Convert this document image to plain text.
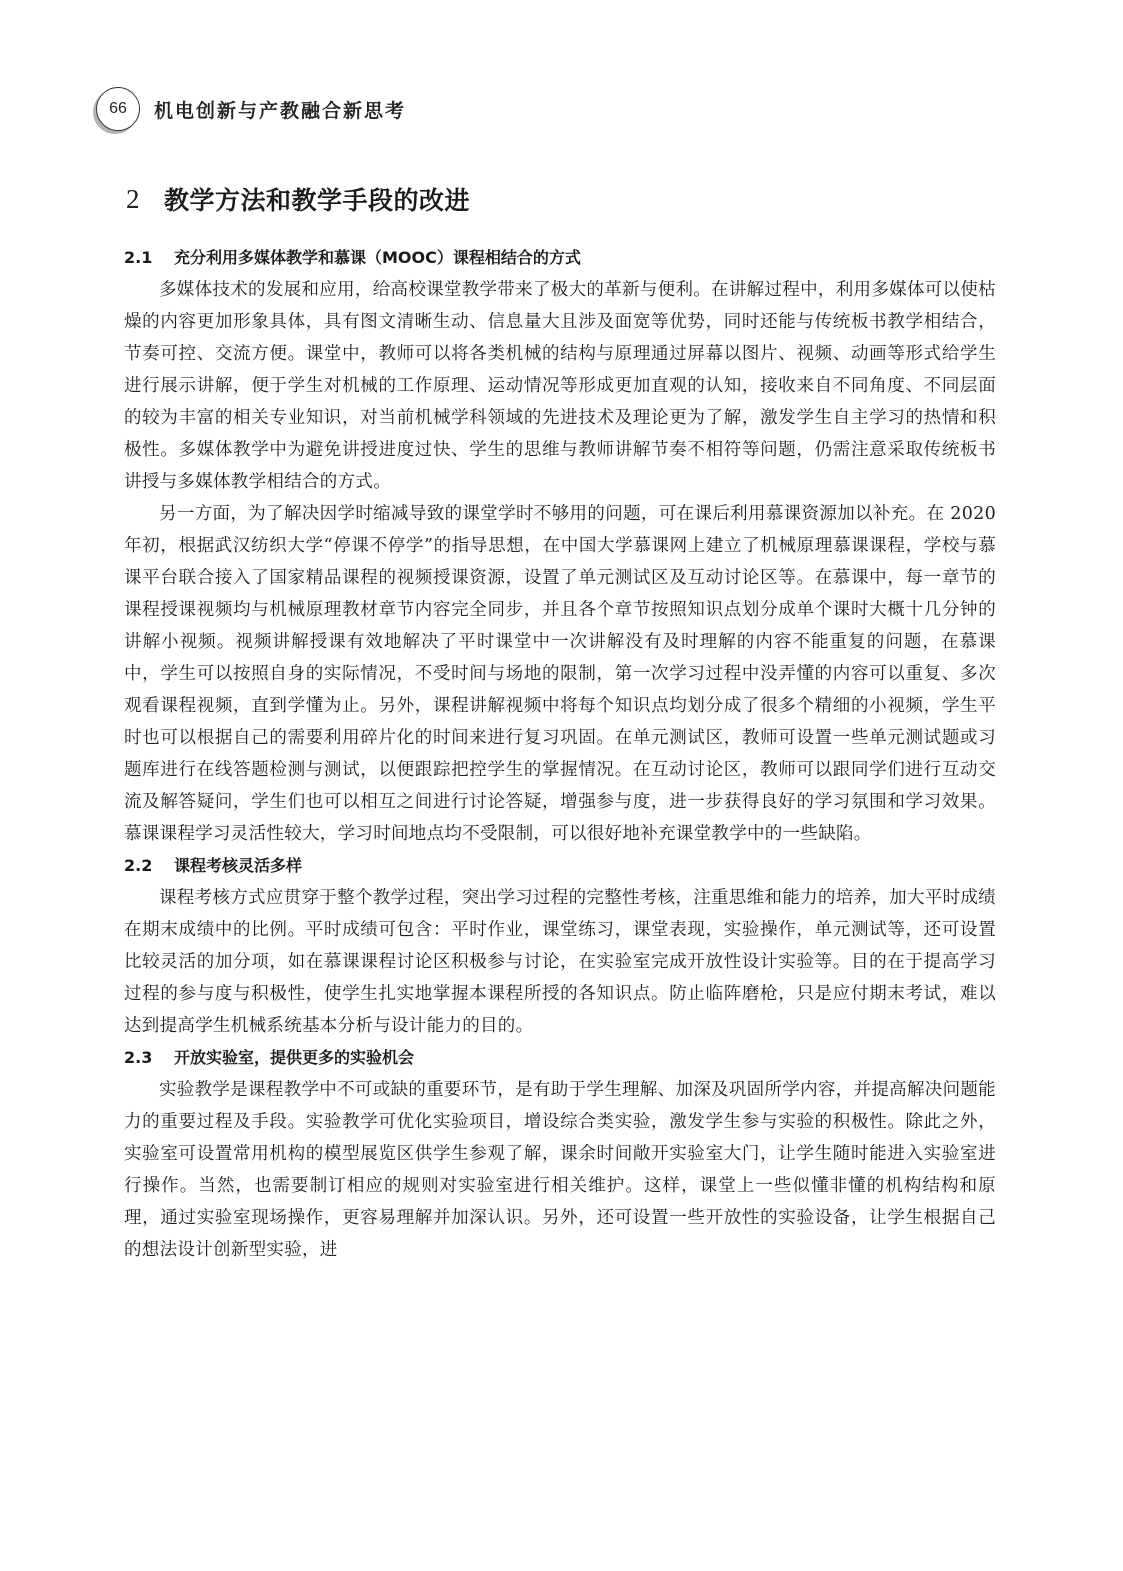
66	机电创新与产教融合新思考
2 教学方法和教学手段的改进
2.1 充分利用多媒体教学和慕课（MOOC）课程相结合的方式

多媒体技术的发展和应用，给高校课堂教学带来了极大的革新与便利。在讲解过程中，利用多媒体可以使枯燥的内容更加形象具体，具有图文清晰生动、信息量大且涉及面宽等优势，同时还能与传统板书教学相结合，节奏可控、交流方便。课堂中，教师可以将各类机械的结构与原理通过屏幕以图片、视频、动画等形式给学生进行展示讲解，便于学生对机械的工作原理、运动情况等形成更加直观的认知，接收来自不同角度、不同层面的较为丰富的相关专业知识，对当前机械学科领域的先进技术及理论更为了解，激发学生自主学习的热情和积极性。多媒体教学中为避免讲授进度过快、学生的思维与教师讲解节奏不相符等问题，仍需注意采取传统板书讲授与多媒体教学相结合的方式。

另一方面，为了解决因学时缩减导致的课堂学时不够用的问题，可在课后利用慕课资源加以补充。在 2020 年初，根据武汉纺织大学“停课不停学”的指导思想，在中国大学慕课网上建立了机械原理慕课课程，学校与慕课平台联合接入了国家精品课程的视频授课资源，设置了单元测试区及互动讨论区等。在慕课中，每一章节的课程授课视频均与机械原理教材章节内容完全同步，并且各个章节按照知识点划分成单个课时大概十几分钟的讲解小视频。视频讲解授课有效地解决了平时课堂中一次讲解没有及时理解的内容不能重复的问题，在慕课中，学生可以按照自身的实际情况，不受时间与场地的限制，第一次学习过程中没弄懂的内容可以重复、多次观看课程视频，直到学懂为止。另外，课程讲解视频中将每个知识点均划分成了很多个精细的小视频，学生平时也可以根据自己的需要利用碎片化的时间来进行复习巩固。在单元测试区，教师可设置一些单元测试题或习题库进行在线答题检测与测试，以便跟踪把控学生的掌握情况。在互动讨论区，教师可以跟同学们进行互动交流及解答疑问，学生们也可以相互之间进行讨论答疑，增强参与度，进一步获得良好的学习氛围和学习效果。慕课课程学习灵活性较大，学习时间地点均不受限制，可以很好地补充课堂教学中的一些缺陷。

2.2 课程考核灵活多样

课程考核方式应贯穿于整个教学过程，突出学习过程的完整性考核，注重思维和能力的培养，加大平时成绩在期末成绩中的比例。平时成绩可包含：平时作业，课堂练习，课堂表现，实验操作，单元测试等，还可设置比较灵活的加分项，如在慕课课程讨论区积极参与讨论，在实验室完成开放性设计实验等。目的在于提高学习过程的参与度与积极性，使学生扎实地掌握本课程所授的各知识点。防止临阵磨枪，只是应付期末考试，难以达到提高学生机械系统基本分析与设计能力的目的。

2.3 开放实验室，提供更多的实验机会

实验教学是课程教学中不可或缺的重要环节，是有助于学生理解、加深及巩固所学内容，并提高解决问题能力的重要过程及手段。实验教学可优化实验项目，增设综合类实验，激发学生参与实验的积极性。除此之外，实验室可设置常用机构的模型展览区供学生参观了解，课余时间敞开实验室大门，让学生随时能进入实验室进行操作。当然，也需要制订相应的规则对实验室进行相关维护。这样，课堂上一些似懂非懂的机构结构和原理，通过实验室现场操作，更容易理解并加深认识。另外，还可设置一些开放性的实验设备，让学生根据自己的想法设计创新型实验，进
